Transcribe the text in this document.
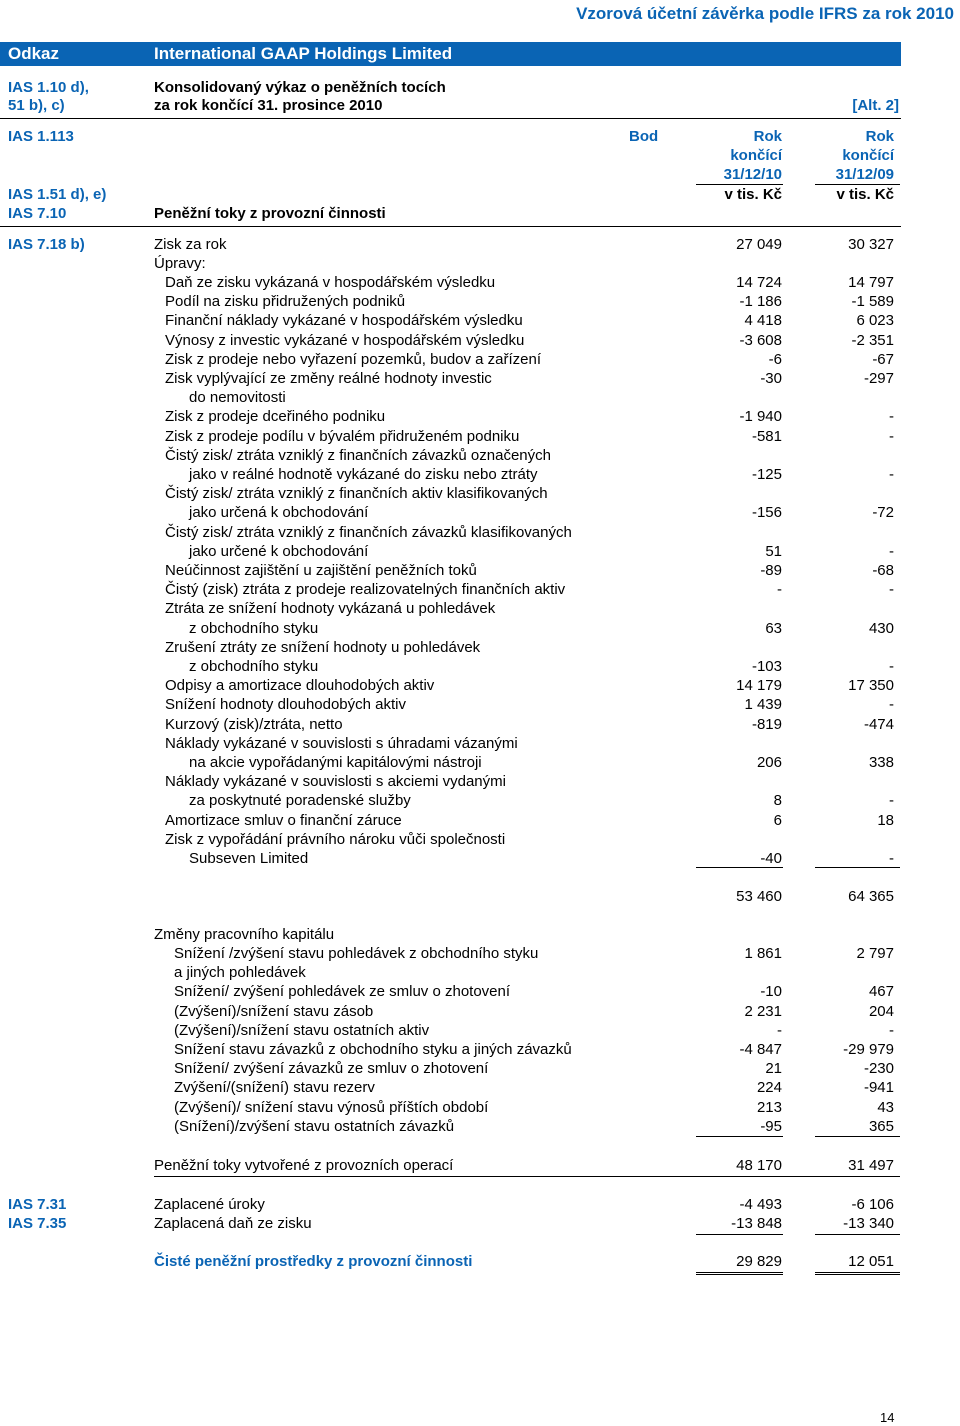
Vzorová účetní závěrka podle IFRS za rok 2010
Odkaz	International GAAP Holdings Limited
IAS 1.10 d),
51 b), c)
Konsolidovaný výkaz o peněžních tocích
za rok končící 31. prosince 2010	[Alt. 2]
IAS 1.113
IAS 1.51 d), e)
IAS 7.10
Bod	Rok
končící
31/12/10
v tis. Kč
Rok
končící
31/12/09
v tis. Kč
Peněžní toky z provozní činnosti
IAS 7.18 b)	Zisk za rok	27 049	30 327
Úpravy:
Daň ze zisku vykázaná v hospodářském výsledku	14 724	14 797
Podíl na zisku přidružených podniků	-1 186	-1 589
Finanční náklady vykázané v hospodářském výsledku	4 418	6 023
Výnosy z investic vykázané v hospodářském výsledku	-3 608	-2 351
Zisk z prodeje nebo vyřazení pozemků, budov a zařízení	-6	-67
Zisk vyplývající ze změny reálné hodnoty investic
do nemovitosti
-30	-297
Zisk z prodeje dceřiného podniku	-1 940	-
Zisk z prodeje podílu v bývalém přidruženém podniku	-581	-
Čistý zisk/ ztráta vzniklý z finančních závazků označených
jako v reálné hodnotě vykázané do zisku nebo ztráty	-125	-
Čistý zisk/ ztráta vzniklý z finančních aktiv klasifikovaných
jako určená k obchodování	-156	-72
Čistý zisk/ ztráta vzniklý z finančních závazků klasifikovaných
jako určené k obchodování	51	-
Neúčinnost zajištění u zajištění peněžních toků	-89	-68
Čistý (zisk) ztráta z prodeje realizovatelných finančních aktiv	-	-
Ztráta ze snížení hodnoty vykázaná u pohledávek
z obchodního styku	63	430
Zrušení ztráty ze snížení hodnoty u pohledávek
z obchodního styku	-103	-
Odpisy a amortizace dlouhodobých aktiv	14 179	17 350
Snížení hodnoty dlouhodobých aktiv	1 439	-
Kurzový (zisk)/ztráta, netto	-819	-474
Náklady vykázané v souvislosti s úhradami vázanými
na akcie vypořádanými kapitálovými nástroji	206	338
Náklady vykázané v souvislosti s akciemi vydanými
za poskytnuté poradenské služby	8	-
Amortizace smluv o finanční záruce	6	18
Zisk z vypořádání právního nároku vůči společnosti
Subseven Limited	-40	-
53 460	64 365
Změny pracovního kapitálu
Snížení /zvýšení stavu pohledávek z obchodního styku
a jiných pohledávek
1 861	2 797
Snížení/ zvýšení pohledávek ze smluv o zhotovení	-10	467
(Zvýšení)/snížení stavu zásob	2 231	204
(Zvýšení)/snížení stavu ostatních aktiv	-	-
Snížení stavu závazků z obchodního styku a jiných závazků	-4 847	-29 979
Snížení/ zvýšení závazků ze smluv o zhotovení	21	-230
Zvýšení/(snížení) stavu rezerv	224	-941
(Zvýšení)/ snížení stavu výnosů příštích období	213	43
(Snížení)/zvýšení stavu ostatních závazků	-95	365
Peněžní toky vytvořené z provozních operací	48 170	31 497
IAS 7.31	Zaplacené úroky	-4 493	-6 106
IAS 7.35	Zaplacená daň ze zisku	-13 848	-13 340
Čisté peněžní prostředky z provozní činnosti	29 829	12 051
14
